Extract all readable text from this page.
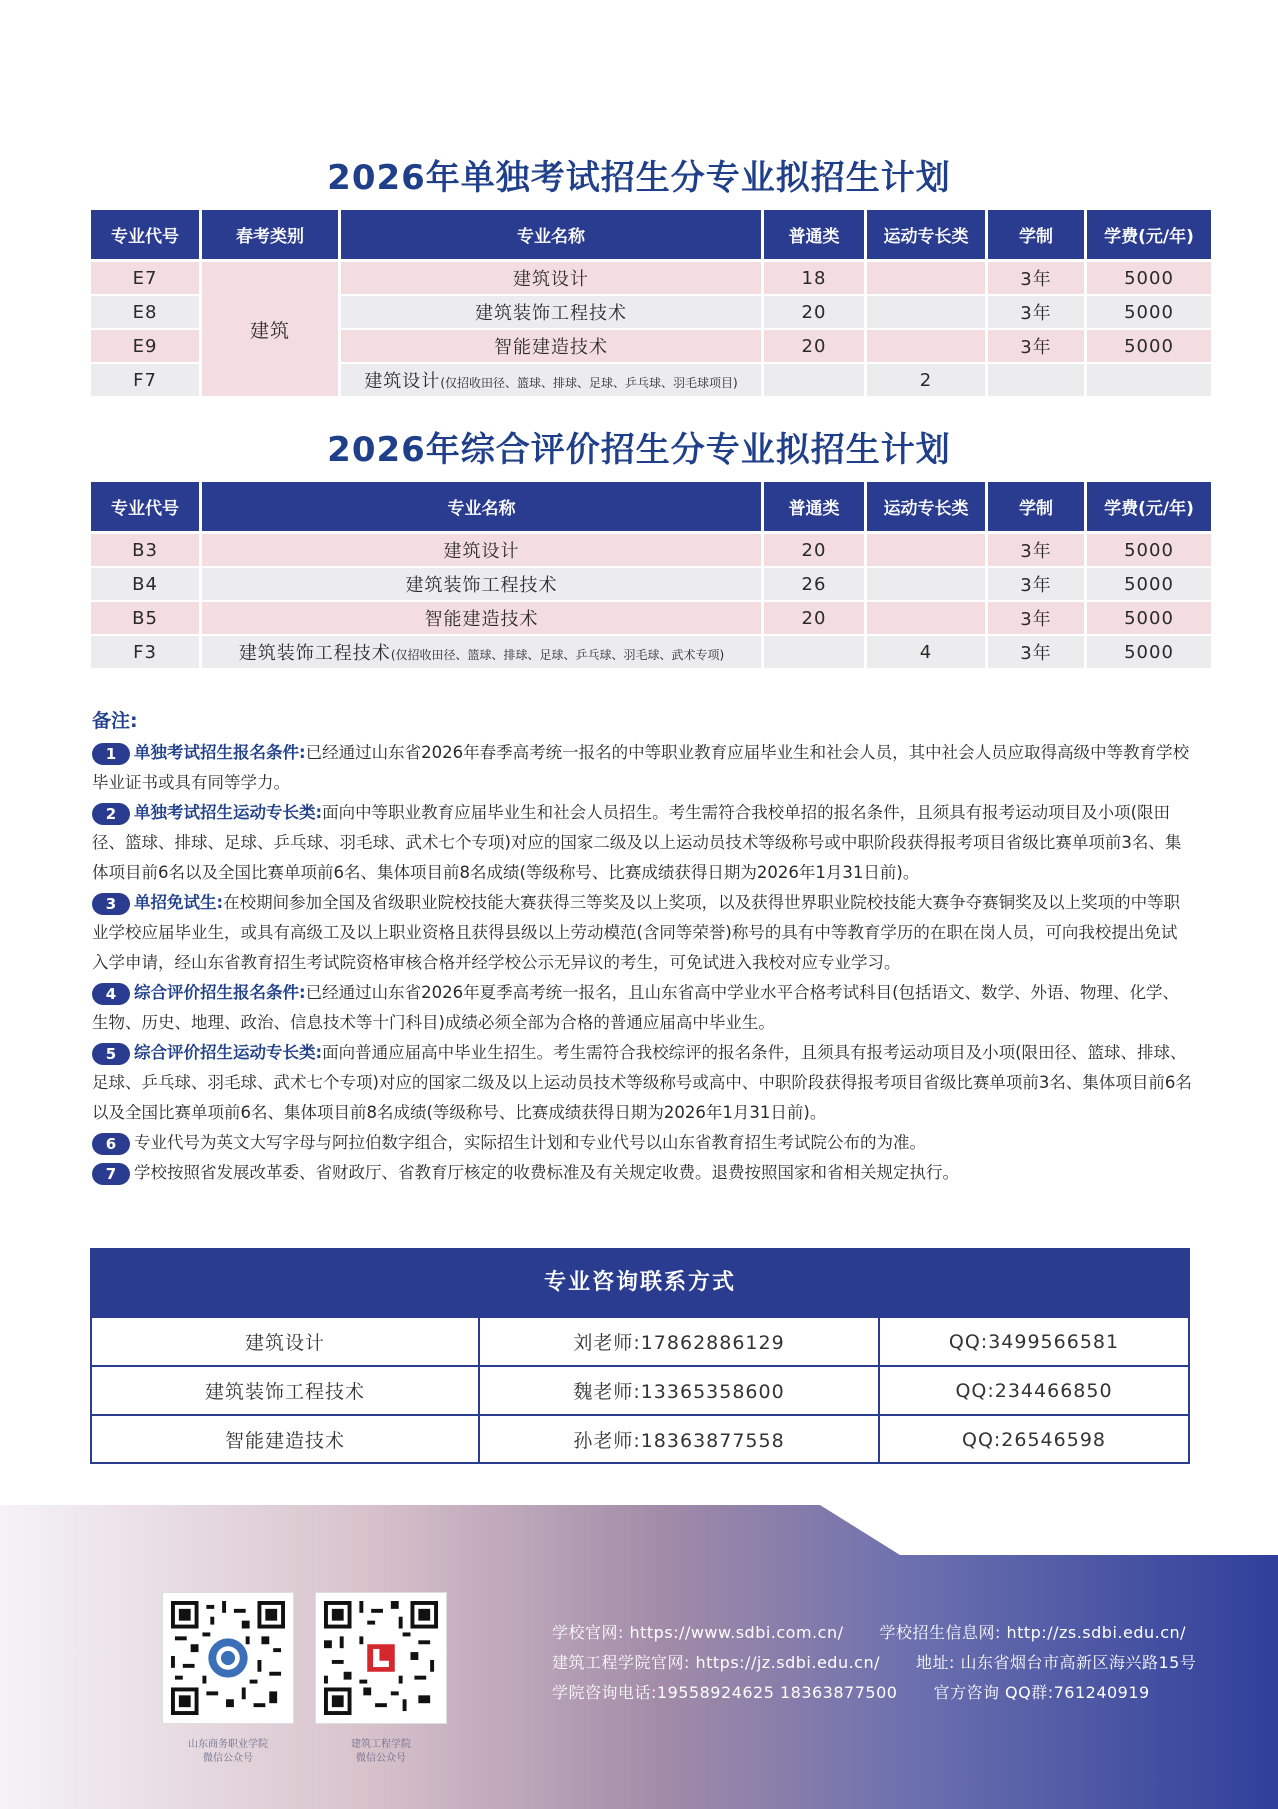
2026年单独考试招生分专业拟招生计划
专业代号	春考类别	专业名称	普通类	运动专长类	学制	学费(元/年)
E7	建筑	建筑设计	18		3年	5000
E8		建筑装饰工程技术	20		3年	5000
E9		智能建造技术	20		3年	5000
F7		建筑设计(仅招收田径、篮球、排球、足球、乒乓球、羽毛球项目)		2		
2026年综合评价招生分专业拟招生计划
专业代号	专业名称	普通类	运动专长类	学制	学费(元/年)
B3	建筑设计	20		3年	5000
B4	建筑装饰工程技术	26		3年	5000
B5	智能建造技术	20		3年	5000
F3	建筑装饰工程技术(仅招收田径、篮球、排球、足球、乒乓球、羽毛球、武术专项)		4	3年	5000
备注:
1 单独考试招生报名条件:已经通过山东省2026年春季高考统一报名的中等职业教育应届毕业生和社会人员，其中社会人员应取得高级中等教育学校毕业证书或具有同等学力。
2 单独考试招生运动专长类:面向中等职业教育应届毕业生和社会人员招生。考生需符合我校单招的报名条件，且须具有报考运动项目及小项(限田径、篮球、排球、足球、乒乓球、羽毛球、武术七个专项)对应的国家二级及以上运动员技术等级称号或中职阶段获得报考项目省级比赛单项前3名、集体项目前6名以及全国比赛单项前6名、集体项目前8名成绩(等级称号、比赛成绩获得日期为2026年1月31日前)。
3 单招免试生:在校期间参加全国及省级职业院校技能大赛获得三等奖及以上奖项，以及获得世界职业院校技能大赛争夺赛铜奖及以上奖项的中等职业学校应届毕业生，或具有高级工及以上职业资格且获得县级以上劳动模范(含同等荣誉)称号的具有中等教育学历的在职在岗人员，可向我校提出免试入学申请，经山东省教育招生考试院资格审核合格并经学校公示无异议的考生，可免试进入我校对应专业学习。
4 综合评价招生报名条件:已经通过山东省2026年夏季高考统一报名，且山东省高中学业水平合格考试科目(包括语文、数学、外语、物理、化学、生物、历史、地理、政治、信息技术等十门科目)成绩必须全部为合格的普通应届高中毕业生。
5 综合评价招生运动专长类:面向普通应届高中毕业生招生。考生需符合我校综评的报名条件，且须具有报考运动项目及小项(限田径、篮球、排球、足球、乒乓球、羽毛球、武术七个专项)对应的国家二级及以上运动员技术等级称号或高中、中职阶段获得报考项目省级比赛单项前3名、集体项目前6名以及全国比赛单项前6名、集体项目前8名成绩(等级称号、比赛成绩获得日期为2026年1月31日前)。
6 专业代号为英文大写字母与阿拉伯数字组合，实际招生计划和专业代号以山东省教育招生考试院公布的为准。
7 学校按照省发展改革委、省财政厅、省教育厅核定的收费标准及有关规定收费。退费按照国家和省相关规定执行。
专业咨询联系方式
建筑设计	刘老师:17862886129	QQ:3499566581
建筑装饰工程技术	魏老师:13365358600	QQ:234466850
智能建造技术	孙老师:18363877558	QQ:26546598
山东商务职业学院
微信公众号
建筑工程学院
微信公众号
学校官网: https://www.sdbi.com.cn/ 学校招生信息网: http://zs.sdbi.edu.cn/
建筑工程学院官网: https://jz.sdbi.edu.cn/ 地址: 山东省烟台市高新区海兴路15号
学院咨询电话:19558924625 18363877500 官方咨询 QQ群:761240919
